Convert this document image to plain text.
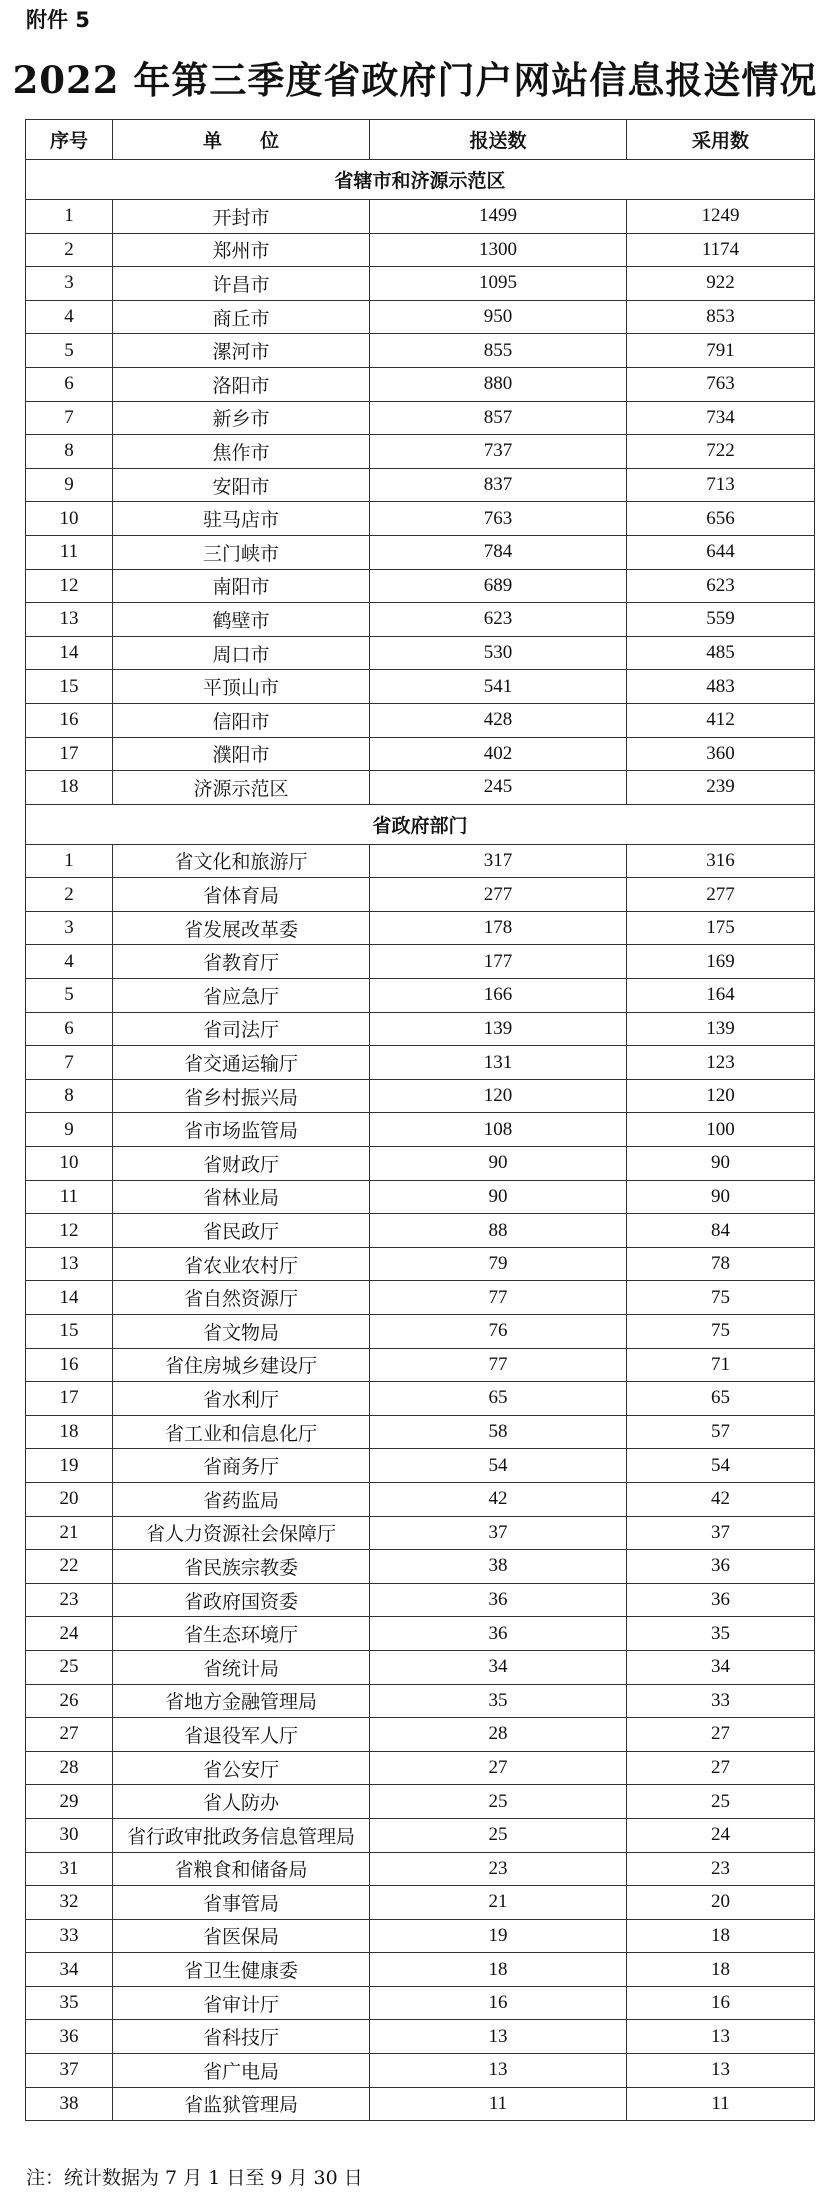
附件 5
2022 年第三季度省政府门户网站信息报送情况
序号	单　　位	报送数	采用数
省辖市和济源示范区			
1	开封市	1499	1249
2	郑州市	1300	1174
3	许昌市	1095	922
4	商丘市	950	853
5	漯河市	855	791
6	洛阳市	880	763
7	新乡市	857	734
8	焦作市	737	722
9	安阳市	837	713
10	驻马店市	763	656
11	三门峡市	784	644
12	南阳市	689	623
13	鹤壁市	623	559
14	周口市	530	485
15	平顶山市	541	483
16	信阳市	428	412
17	濮阳市	402	360
18	济源示范区	245	239
省政府部门			
1	省文化和旅游厅	317	316
2	省体育局	277	277
3	省发展改革委	178	175
4	省教育厅	177	169
5	省应急厅	166	164
6	省司法厅	139	139
7	省交通运输厅	131	123
8	省乡村振兴局	120	120
9	省市场监管局	108	100
10	省财政厅	90	90
11	省林业局	90	90
12	省民政厅	88	84
13	省农业农村厅	79	78
14	省自然资源厅	77	75
15	省文物局	76	75
16	省住房城乡建设厅	77	71
17	省水利厅	65	65
18	省工业和信息化厅	58	57
19	省商务厅	54	54
20	省药监局	42	42
21	省人力资源社会保障厅	37	37
22	省民族宗教委	38	36
23	省政府国资委	36	36
24	省生态环境厅	36	35
25	省统计局	34	34
26	省地方金融管理局	35	33
27	省退役军人厅	28	27
28	省公安厅	27	27
29	省人防办	25	25
30	省行政审批政务信息管理局	25	24
31	省粮食和储备局	23	23
32	省事管局	21	20
33	省医保局	19	18
34	省卫生健康委	18	18
35	省审计厅	16	16
36	省科技厅	13	13
37	省广电局	13	13
38	省监狱管理局	11	11
注：统计数据为 7 月 1 日至 9 月 30 日
